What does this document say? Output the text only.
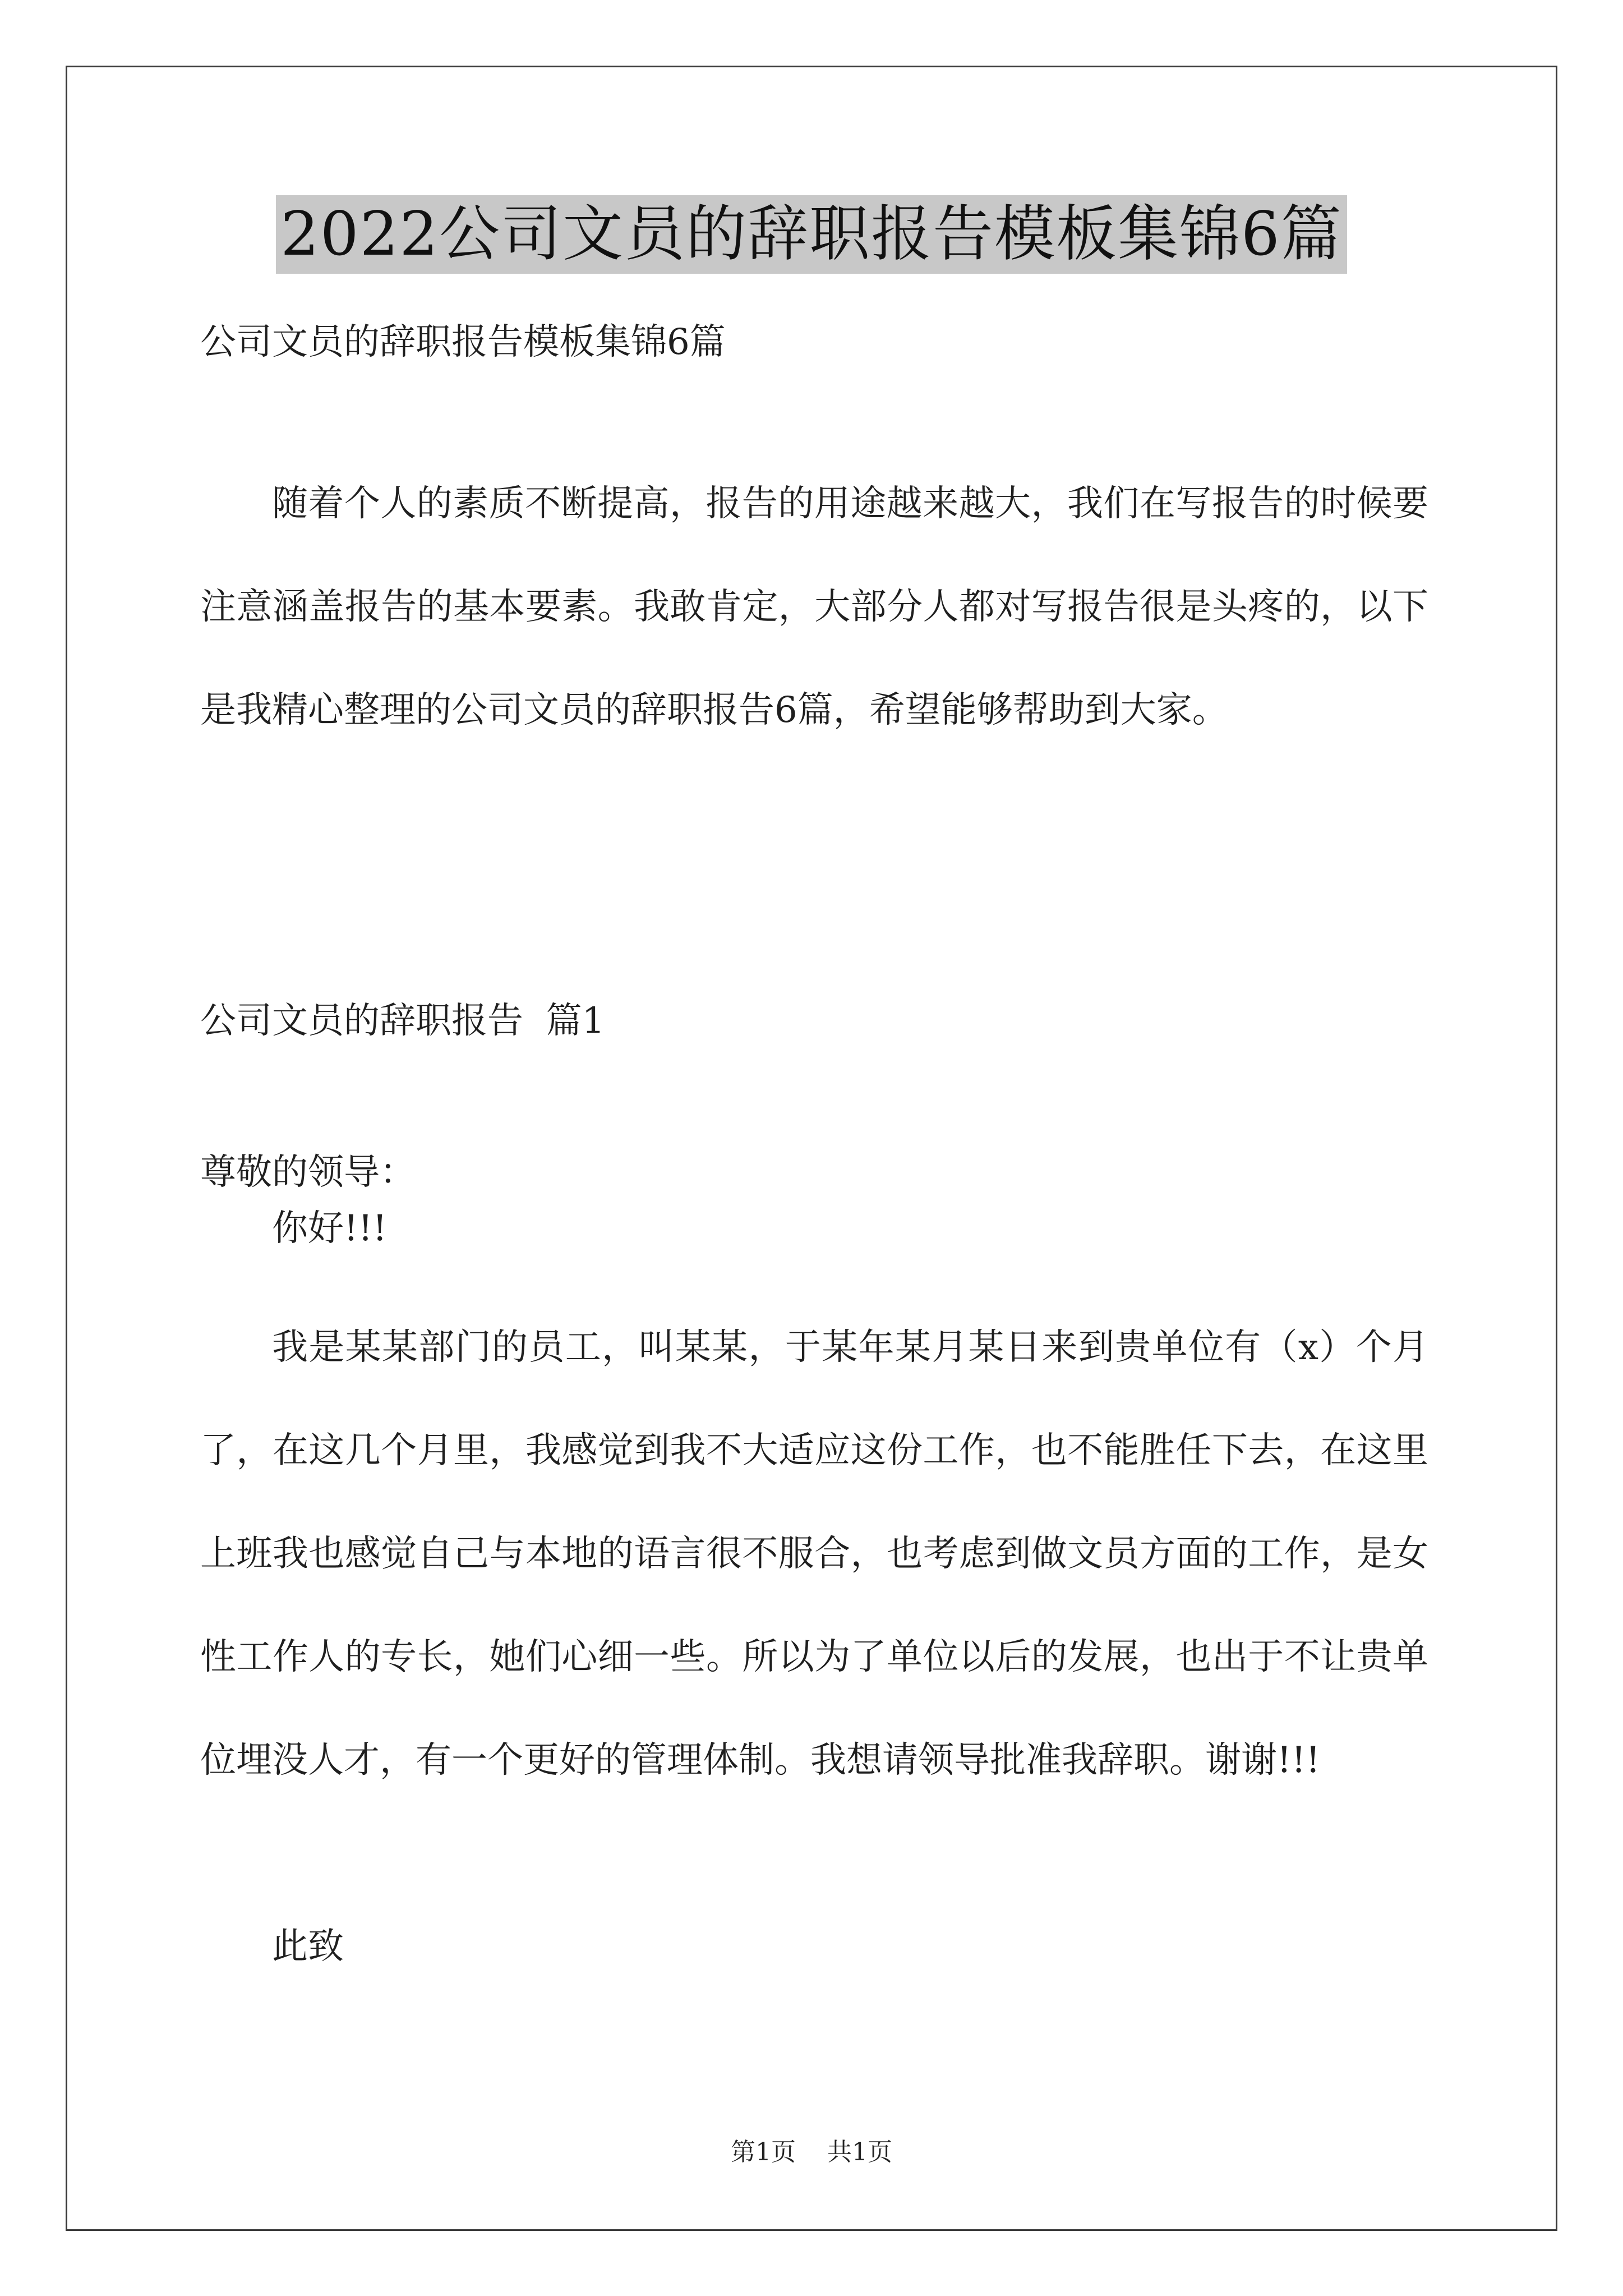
2022公司文员的辞职报告模板集锦6篇

公司文员的辞职报告模板集锦6篇

随着个人的素质不断提高，报告的用途越来越大，我们在写报告的时候要注意涵盖报告的基本要素。我敢肯定，大部分人都对写报告很是头疼的，以下是我精心整理的公司文员的辞职报告6篇，希望能够帮助到大家。

公司文员的辞职报告  篇1

尊敬的领导：

你好!!!

我是某某部门的员工，叫某某，于某年某月某日来到贵单位有（x）个月了，在这几个月里，我感觉到我不大适应这份工作，也不能胜任下去，在这里上班我也感觉自己与本地的语言很不服合，也考虑到做文员方面的工作，是女性工作人的专长，她们心细一些。所以为了单位以后的发展，也出于不让贵单位埋没人才，有一个更好的管理体制。我想请领导批准我辞职。谢谢!!!

此致

第1页 共1页
